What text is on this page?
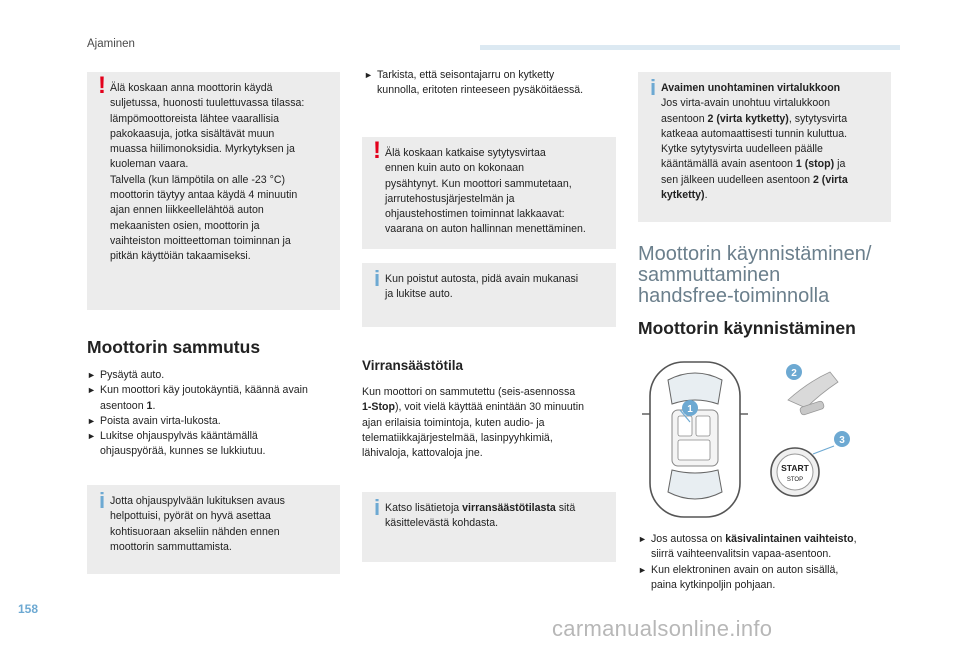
Ajaminen
! Älä koskaan anna moottorin käydä

suljetussa, huonosti tuulettuvassa tilassa:

lämpömoottoreista lähtee vaarallisia

pakokaasuja, jotka sisältävät muun

muassa hiilimonoksidia. Myrkytyksen ja

kuoleman vaara.

Talvella (kun lämpötila on alle -23 °C)

moottorin täytyy antaa käydä 4 minuutin

ajan ennen liikkeellelähtöä auton

mekaanisten osien, moottorin ja

vaihteiston moitteettoman toiminnan ja

pitkän käyttöiän takaamiseksi.

Moottorin sammutus
► Pysäytä auto.
► Kun moottori käy joutokäyntiä, käännä avain
asentoon 1.
► Poista avain virta-lukosta.
► Lukitse ohjauspylväs kääntämällä
ohjauspyörää, kunnes se lukkiutuu.
i Jotta ohjauspylvään lukituksen avaus

helpottuisi, pyörät on hyvä asettaa

kohtisuoraan akseliin nähden ennen

moottorin sammuttamista.

► Tarkista, että seisontajarru on kytketty
kunnolla, eritoten rinteeseen pysäköitäessä.
! Älä koskaan katkaise sytytysvirtaa

ennen kuin auto on kokonaan

pysähtynyt. Kun moottori sammutetaan,

jarrutehostusjärjestelmän ja

ohjaustehostimen toiminnat lakkaavat:

vaarana on auton hallinnan menettäminen.

i Kun poistut autosta, pidä avain mukanasi

ja lukitse auto.

Virransäästötila
Kun moottori on sammutettu (seis-asennossa
1-Stop), voit vielä käyttää enintään 30 minuutin
ajan erilaisia toimintoja, kuten audio- ja
telematiikkajärjestelmää, lasinpyyhkimiä,
lähivaloja, kattovaloja jne.
i Katso lisätietoja virransäästötilasta sitä

käsittelevästä kohdasta.

i Avaimen unohtaminen virtalukkoon

Jos virta-avain unohtuu virtalukkoon

asentoon 2 (virta kytketty), sytytysvirta

katkeaa automaattisesti tunnin kuluttua.

Kytke sytytysvirta uudelleen päälle

kääntämällä avain asentoon 1 (stop) ja

sen jälkeen uudelleen asentoon 2 (virta

kytketty).

Moottorin käynnistäminen/
sammuttaminen
handsfree-toiminnolla
Moottorin käynnistäminen
1
2
START
STOP
3
► Jos autossa on käsivalintainen vaihteisto,
siirrä vaihteenvalitsin vapaa-asentoon.
► Kun elektroninen avain on auton sisällä,
paina kytkinpoljin pohjaan.
158
carmanualsonline.info
